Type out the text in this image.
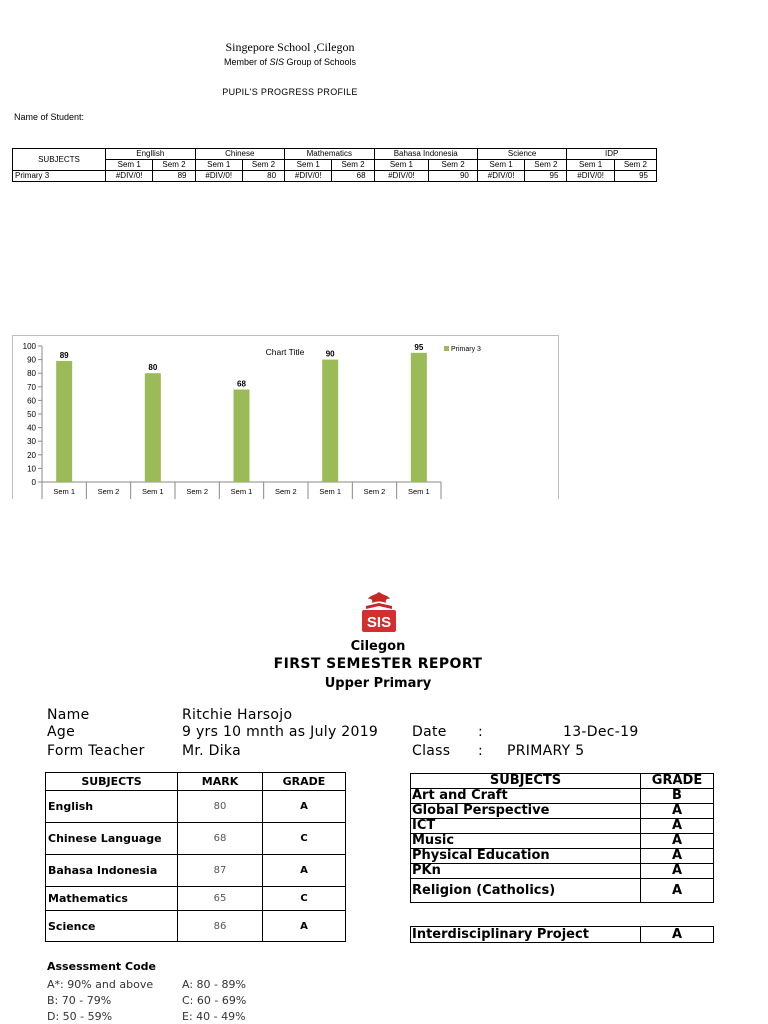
Singepore School ,Cilegon
Member of SIS Group of Schools
PUPIL'S PROGRESS PROFILE
Name of Student:
SUBJECTS	Engllish		Chinese		Mathematics		Bahasa Indonesia		Science		IDP	
	Sem 1	Sem 2	Sem 1	Sem 2	Sem 1	Sem 2	Sem 1	Sem 2	Sem 1	Sem 2	Sem 1	Sem 2
Primary 3	#DIV/0!	89	#DIV/0!	80	#DIV/0!	68	#DIV/0!	90	#DIV/0!	95	#DIV/0!	95
0
10
20
30
40
50
60
70
80
90
100
Sem 1
89
Sem 2	Sem 1
80
Sem 2	Sem 1
68
Sem 2	Sem 1
90
Sem 2	Sem 1
95
Chart Title	Primary 3
SIS
Cilegon
FIRST SEMESTER REPORT
Upper Primary
Name	Ritchie Harsojo
Age	9 yrs 10 mnth as July 2019
Form Teacher	Mr. Dika
Date :	13-Dec-19
Class : PRIMARY 5
SUBJECTS	MARK	GRADE
English	80	A
Chinese Language	68	C
Bahasa Indonesia	87	A
Mathematics	65	C
Science	86	A
SUBJECTS	GRADE
Art and Craft	B
Global Perspective	A
ICT	A
Music	A
Physical Education	A
PKn	A
Religion (Catholics)	A
Interdisciplinary Project	A
Assessment Code
A*: 90% and above	A: 80 - 89%
B: 70 - 79%	C: 60 - 69%
D: 50 - 59%	E: 40 - 49%
